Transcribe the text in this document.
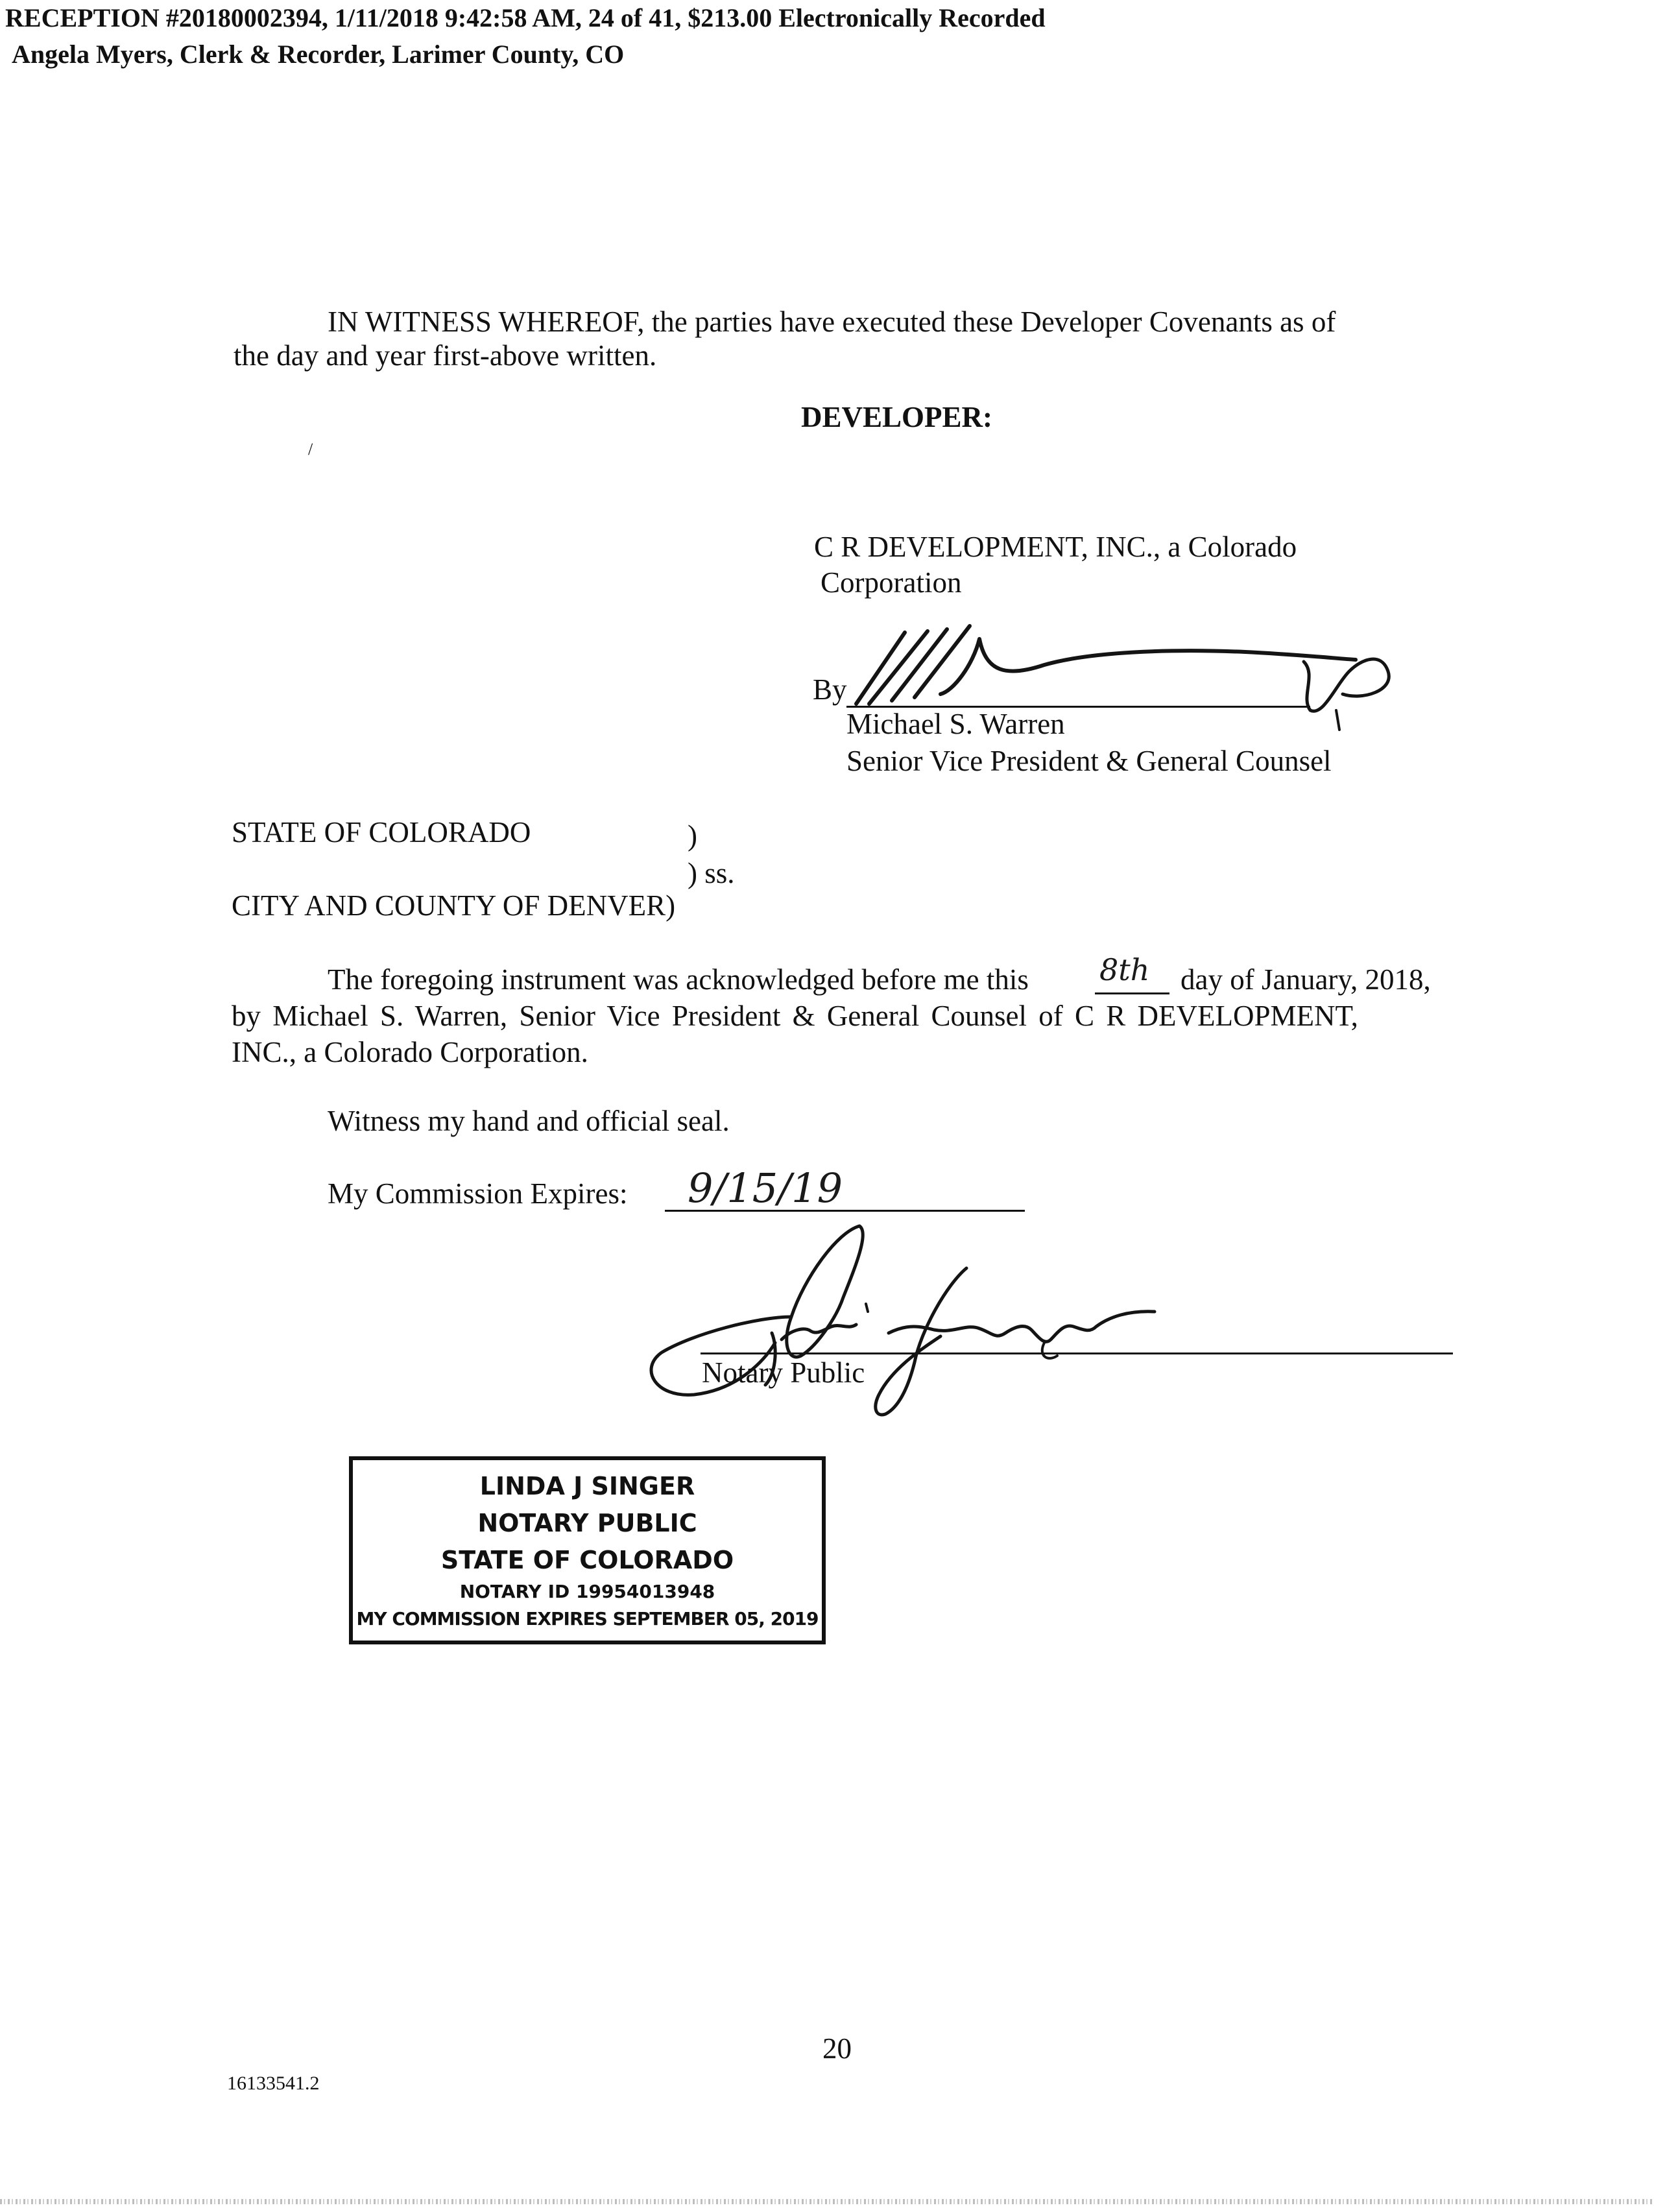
RECEPTION #20180002394, 1/11/2018 9:42:58 AM, 24 of 41, $213.00 Electronically Recorded
Angela Myers, Clerk & Recorder, Larimer County, CO
IN WITNESS WHEREOF, the parties have executed these Developer Covenants as of
the day and year first-above written.
DEVELOPER:
/
C R DEVELOPMENT, INC., a Colorado
Corporation
By
Michael S. Warren
Senior Vice President & General Counsel
STATE OF COLORADO	)
) ss.
CITY AND COUNTY OF DENVER)
The foregoing instrument was acknowledged before me this 8th day of January, 2018,
by Michael S. Warren, Senior Vice President & General Counsel of C R DEVELOPMENT,
INC., a Colorado Corporation.
Witness my hand and official seal.
My Commission Expires: 9/15/19
Notary Public
LINDA J SINGER
NOTARY PUBLIC
STATE OF COLORADO
NOTARY ID 19954013948
MY COMMISSION EXPIRES SEPTEMBER 05, 2019
20
16133541.2
